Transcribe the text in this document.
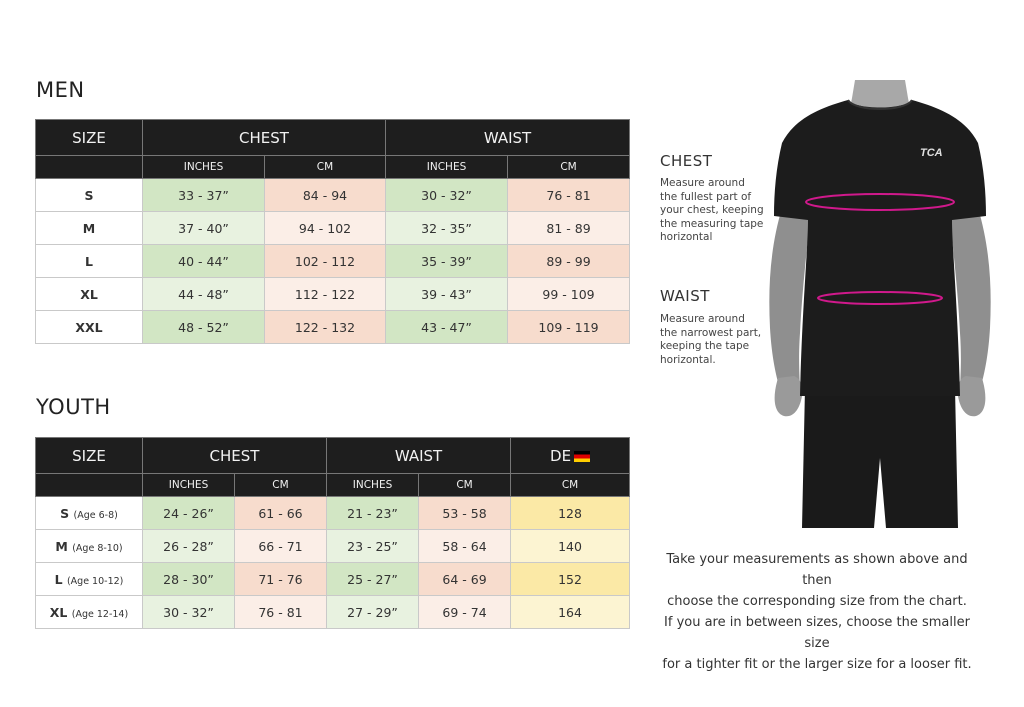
MEN
SIZE	CHEST		WAIST	
	INCHES	CM	INCHES	CM
S	33 - 37”	84 - 94	30 - 32”	76 - 81
M	37 - 40”	94 - 102	32 - 35”	81 - 89
L	40 - 44”	102 - 112	35 - 39”	89 - 99
XL	44 - 48”	112 - 122	39 - 43”	99 - 109
XXL	48 - 52”	122 - 132	43 - 47”	109 - 119
YOUTH
SIZE	CHEST		WAIST		DE
	INCHES	CM	INCHES	CM	CM
S (Age 6-8)	24 - 26”	61 - 66	21 - 23”	53 - 58	128
M (Age 8-10)	26 - 28”	66 - 71	23 - 25”	58 - 64	140
L (Age 10-12)	28 - 30”	71 - 76	25 - 27”	64 - 69	152
XL (Age 12-14)	30 - 32”	76 - 81	27 - 29”	69 - 74	164
CHEST
Measure around the fullest part of your chest, keeping the measuring tape horizontal
WAIST
Measure around the narrowest part, keeping the tape horizontal.
TCA
Take your measurements as shown above and then
choose the corresponding size from the chart.
If you are in between sizes, choose the smaller size
for a tighter fit or the larger size for a looser fit.
